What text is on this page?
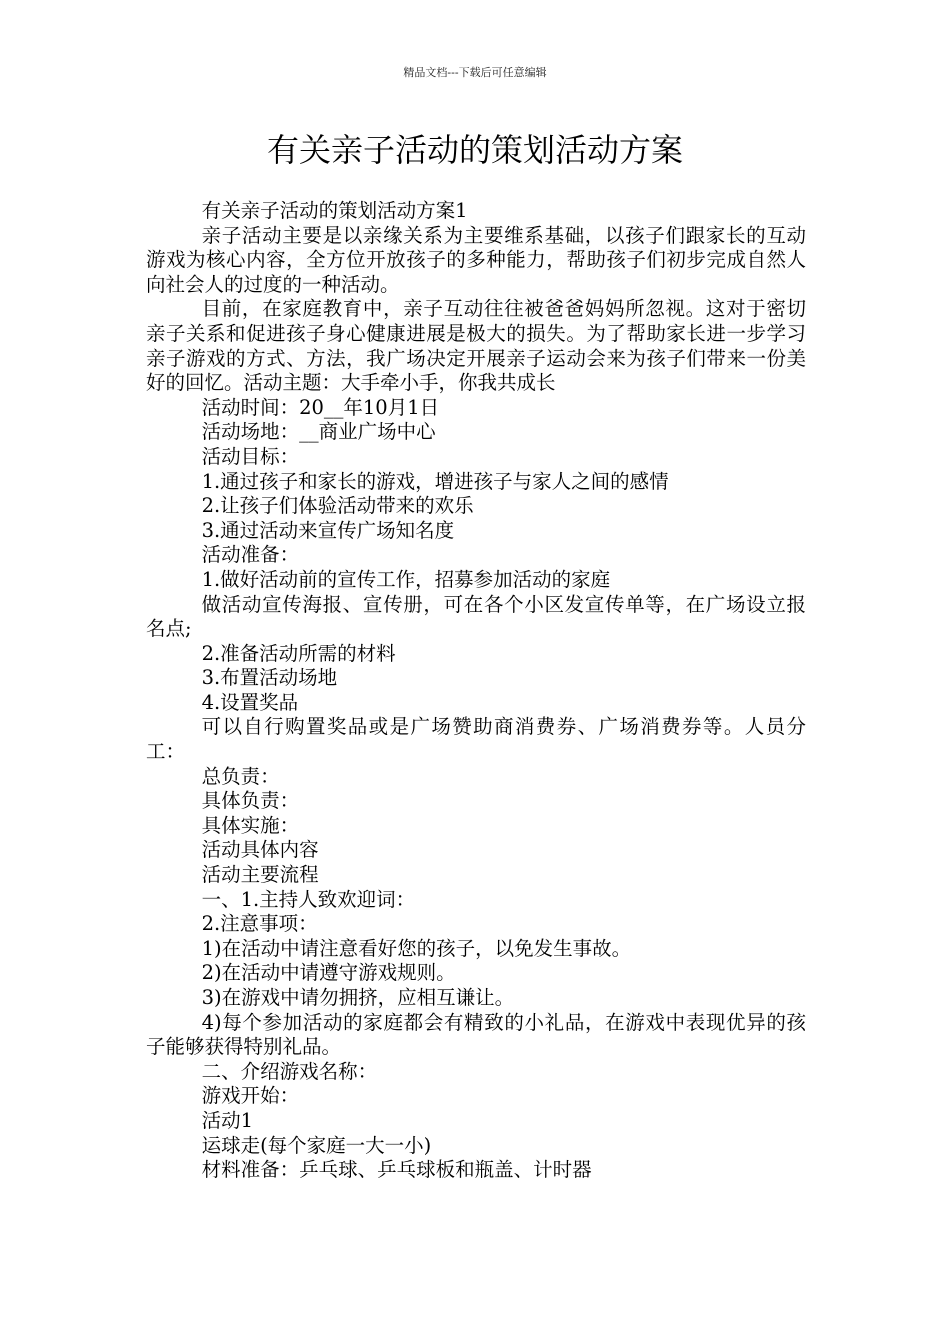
精品文档---下载后可任意编辑
有关亲子活动的策划活动方案

有关亲子活动的策划活动方案1

亲子活动主要是以亲缘关系为主要维系基础，以孩子们跟家长的互动游戏为核心内容，全方位开放孩子的多种能力，帮助孩子们初步完成自然人向社会人的过度的一种活动。

目前，在家庭教育中，亲子互动往往被爸爸妈妈所忽视。这对于密切亲子关系和促进孩子身心健康进展是极大的损失。为了帮助家长进一步学习亲子游戏的方式、方法，我广场决定开展亲子运动会来为孩子们带来一份美好的回忆。活动主题：大手牵小手，你我共成长

活动时间：20__年10月1日

活动场地：__商业广场中心

活动目标：

1.通过孩子和家长的游戏，增进孩子与家人之间的感情

2.让孩子们体验活动带来的欢乐

3.通过活动来宣传广场知名度

活动准备：

1.做好活动前的宣传工作，招募参加活动的家庭

做活动宣传海报、宣传册，可在各个小区发宣传单等，在广场设立报名点;

2.准备活动所需的材料

3.布置活动场地

4.设置奖品

可以自行购置奖品或是广场赞助商消费券、广场消费券等。人员分工：

总负责：

具体负责：

具体实施：

活动具体内容

活动主要流程

一、1.主持人致欢迎词：

2.注意事项：

1)在活动中请注意看好您的孩子，以免发生事故。

2)在活动中请遵守游戏规则。

3)在游戏中请勿拥挤，应相互谦让。

4)每个参加活动的家庭都会有精致的小礼品，在游戏中表现优异的孩子能够获得特别礼品。

二、介绍游戏名称：

游戏开始：

活动1

运球走(每个家庭一大一小)

材料准备：乒乓球、乒乓球板和瓶盖、计时器
